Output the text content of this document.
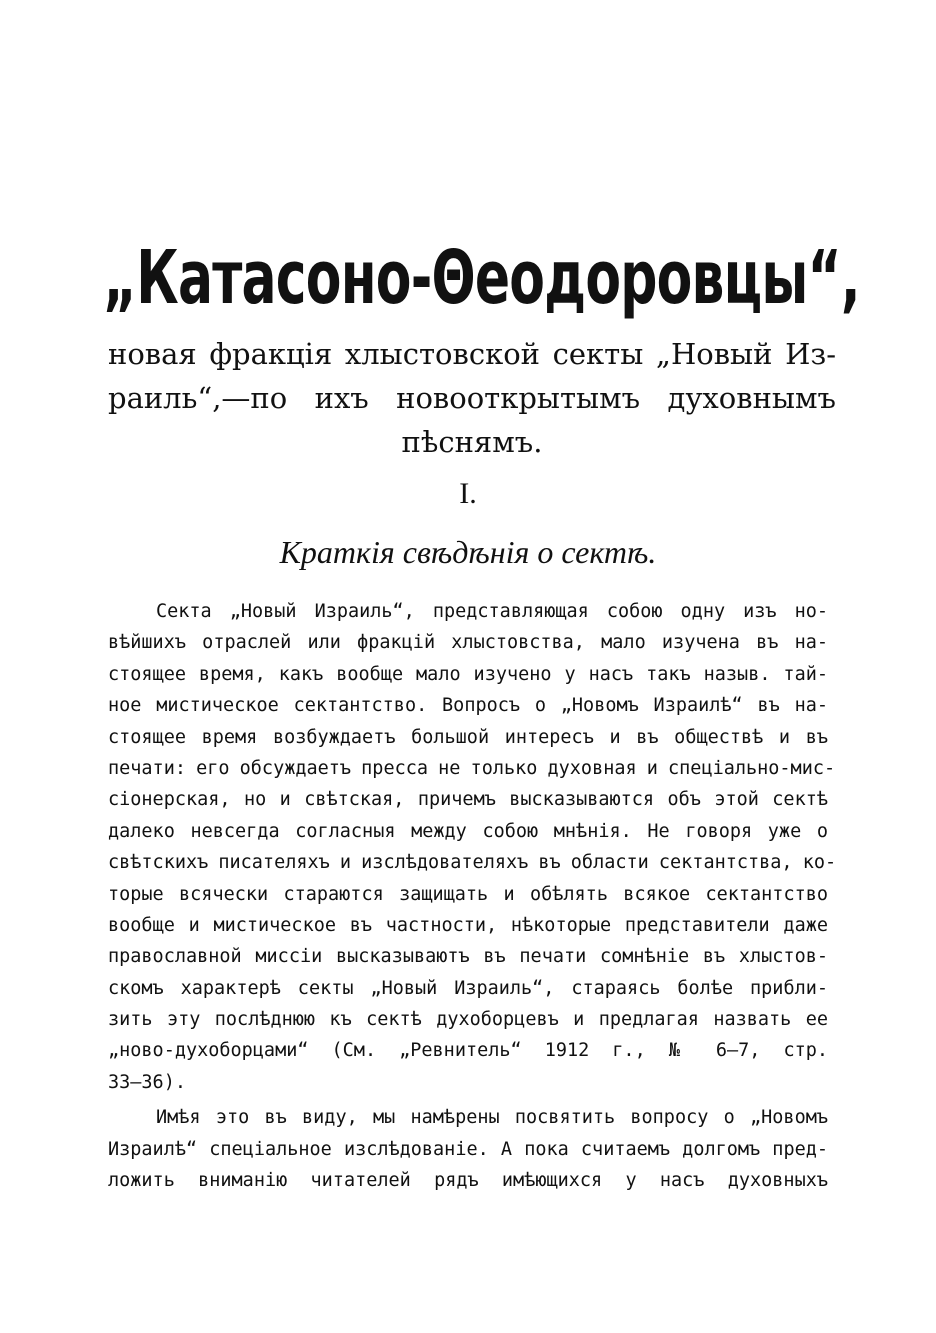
„Катасоно-Θеодоровцы“,
новая фракція хлыстовской секты „Новый Из-
раиль“,—по ихъ новооткрытымъ духовнымъ
пѣснямъ.
I.
Краткія свѣдѣнія о сектѣ.
Секта „Новый Израиль“, представляющая собою одну изъ но-
вѣйшихъ отраслей или фракцій хлыстовства, мало изучена въ на-
стоящее время, какъ вообще мало изучено у насъ такъ назыв. тай-
ное мистическое сектантство. Вопросъ о „Новомъ Израилѣ“ въ на-
стоящее время возбуждаетъ большой интересъ и въ обществѣ и въ
печати: его обсуждаетъ пресса не только духовная и спеціально-мис-
сіонерская, но и свѣтская, причемъ высказываются объ этой сектѣ
далеко невсегда согласныя между собою мнѣнія. Не говоря уже о
свѣтскихъ писателяхъ и изслѣдователяхъ въ области сектантства, ко-
торые всячески стараются защищать и обѣлять всякое сектантство
вообще и мистическое въ частности, нѣкоторые представители даже
православной миссіи высказываютъ въ печати сомнѣніе въ хлыстов-
скомъ характерѣ секты „Новый Израиль“, стараясь болѣе прибли-
зить эту послѣднюю къ сектѣ духоборцевъ и предлагая назвать ее
„ново-духоборцами“ (См. „Ревнитель“ 1912 г., № 6—7, стр.
33—36).
Имѣя это въ виду, мы намѣрены посвятить вопросу о „Новомъ
Израилѣ“ спеціальное изслѣдованіе. А пока считаемъ долгомъ пред-
ложить вниманію читателей рядъ имѣющихся у насъ духовныхъ
